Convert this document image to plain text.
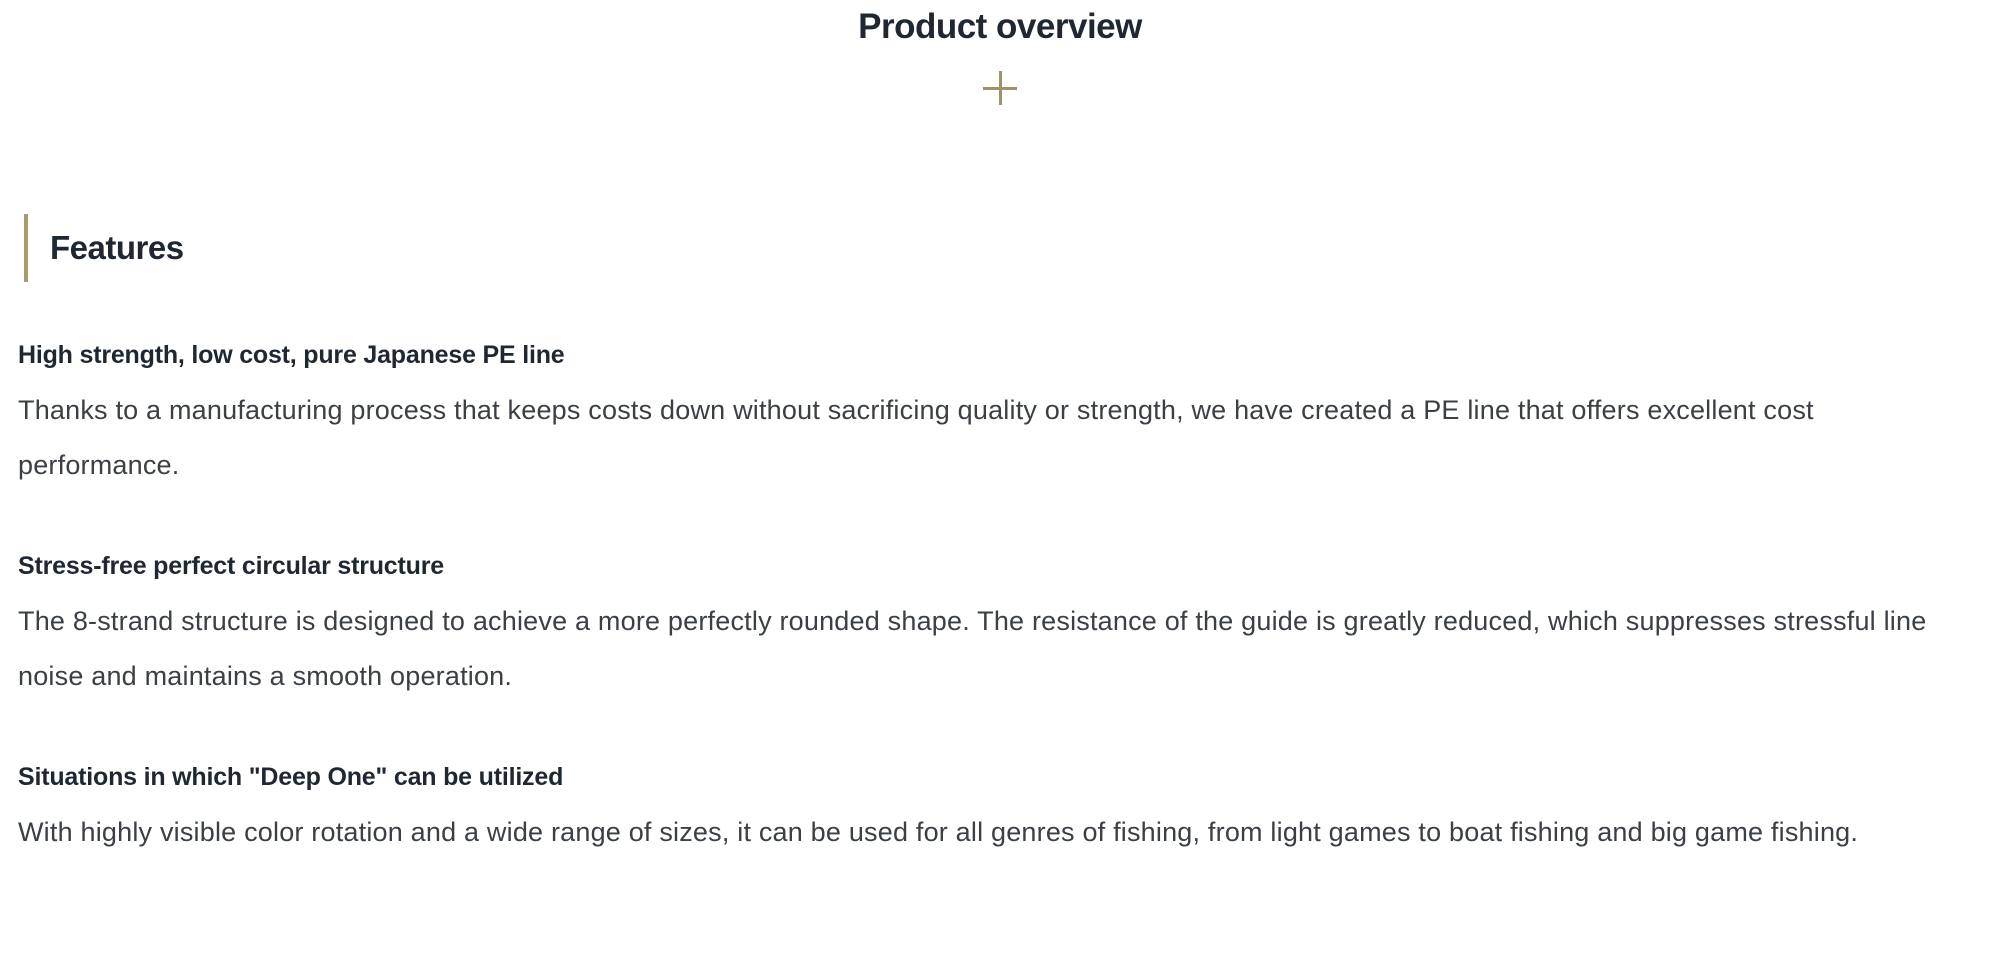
Product overview
Features
High strength, low cost, pure Japanese PE line

Thanks to a manufacturing process that keeps costs down without sacrificing quality or strength, we have created a PE line that offers excellent cost performance.

Stress-free perfect circular structure

The 8-strand structure is designed to achieve a more perfectly rounded shape. The resistance of the guide is greatly reduced, which suppresses stressful line noise and maintains a smooth operation.

Situations in which "Deep One" can be utilized

With highly visible color rotation and a wide range of sizes, it can be used for all genres of fishing, from light games to boat fishing and big game fishing.
